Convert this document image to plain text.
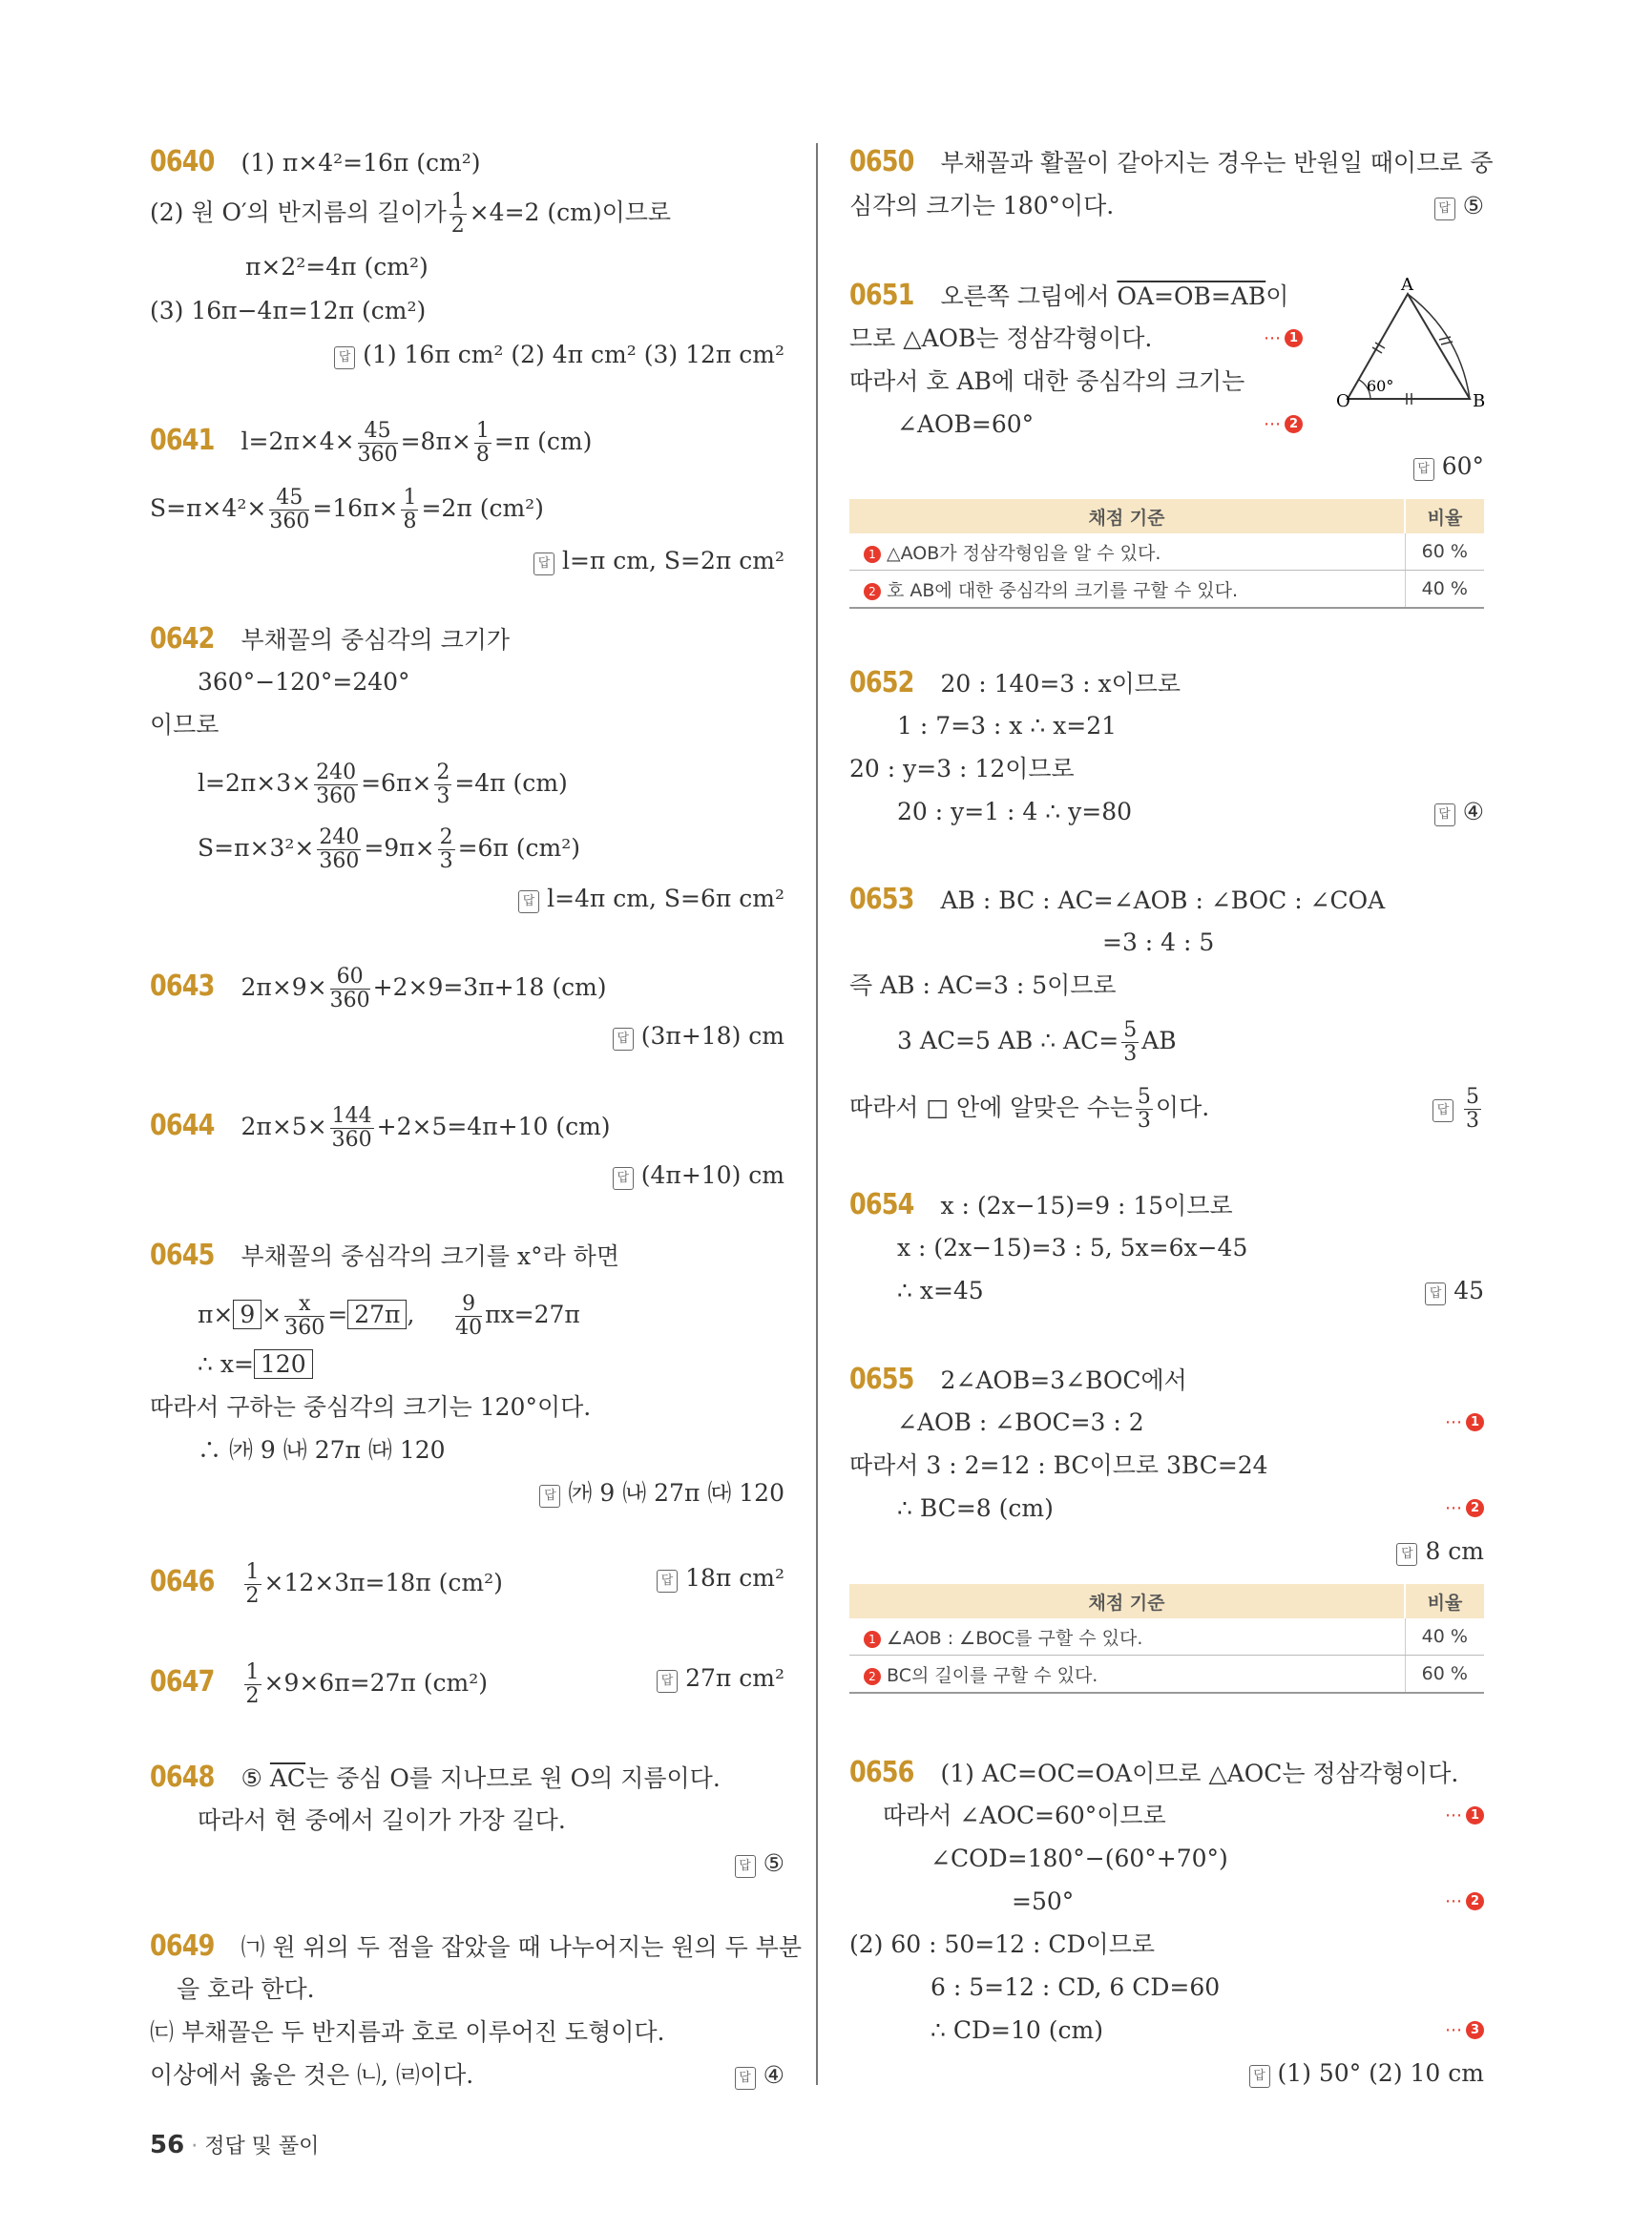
0640 (1) π×4²=16π (cm²)
(2) 원 O′의 반지름의 길이가 $\frac{1}{2} \times 4=2$ (cm)이므로
π×2²=4π (cm²)
(3) 16π−4π=12π (cm²)
답 (1) 16π cm² (2) 4π cm² (3) 12π cm²
0641 $l=2\pi\times 4\times \frac{45}{360} =8\pi\times \frac{1}{8} =\pi$ (cm)
$S=\pi\times 4^2\times \frac{45}{360} =16\pi\times \frac{1}{8} =2\pi$ (cm²)
답 l=π cm, S=2π cm²
0642 부채꼴의 중심각의 크기가
360°−120°=240°
이므로
$l=2\pi\times 3\times \frac{240}{360} =6\pi\times \frac{2}{3} =4\pi$ (cm)
$S=\pi\times 3^2\times \frac{240}{360} =9\pi\times \frac{2}{3} =6\pi$ (cm²)
답 l=4π cm, S=6π cm²
0643 $2\pi\times 9\times \frac{60}{360} +2\times 9=3\pi+18$ (cm)
답 (3π+18) cm
0644 $2\pi\times 5\times \frac{144}{360} +2\times 5=4\pi+10$ (cm)
답 (4π+10) cm
0645 부채꼴의 중심각의 크기를 x°라 하면
$\pi\times 9 \times \frac{x}{360} = 27\pi$ , $\frac{9}{40} \pi x=27\pi$
∴ x= 120
따라서 구하는 중심각의 크기는 120°이다.
∴ ㈎ 9 ㈏ 27π ㈐ 120
답 ㈎ 9 ㈏ 27π ㈐ 120
$0646 \frac{1}{2} \times 12\times 3\pi=18\pi$ (cm²)	답 18π cm²
$0647 \frac{1}{2} \times 9\times 6\pi=27\pi$ (cm²)	답 27π cm²
0648 ⑤ $\overline{AC}$는 중심 O를 지나므로 원 O의 지름이다.
따라서 현 중에서 길이가 가장 길다.
답 ⑤
0649 ㈀ 원 위의 두 점을 잡았을 때 나누어지는 원의 두 부분
을 호라 한다.
㈂ 부채꼴은 두 반지름과 호로 이루어진 도형이다.
이상에서 옳은 것은 ㈁, ㈃이다.	답 ④
0650 부채꼴과 활꼴이 같아지는 경우는 반원일 때이므로 중
심각의 크기는 180°이다.	답 ⑤
0651 오른쪽 그림에서 OA=OB=AB이
므로 △AOB는 정삼각형이다.	⋯ 1
따라서 호 AB에 대한 중심각의 크기는
∠AOB=60°	⋯ 2
답 60°
채점 기준	비율
1 △AOB가 정삼각형임을 알 수 있다.	60 %
2 호 AB에 대한 중심각의 크기를 구할 수 있다.	40 %
0652 20 : 140=3 : x이므로
1 : 7=3 : x ∴ x=21
20 : y=3 : 12이므로
20 : y=1 : 4 ∴ y=80	답 ④
0653 AB : BC : AC=∠AOB : ∠BOC : ∠COA
=3 : 4 : 5
즉 AB : AC=3 : 5이므로
3 AC=5 AB ∴ $AC= \frac{5}{3}$ AB
따라서 □ 안에 알맞은 수는 $\frac{5}{3}$ 이다. 답	$\frac{5}{3}$
0654 x : (2x−15)=9 : 15이므로
x : (2x−15)=3 : 5, 5x=6x−45
∴ x=45	답 45
0655 2∠AOB=3∠BOC에서
∠AOB : ∠BOC=3 : 2	⋯ 1
따라서 3 : 2=12 : BC이므로 3BC=24
∴ BC=8 (cm)	⋯ 2
답 8 cm
채점 기준	비율
1 ∠AOB : ∠BOC를 구할 수 있다.	40 %
2 BC의 길이를 구할 수 있다.	60 %
0656 (1) AC=OC=OA이므로 △AOC는 정삼각형이다.
따라서 ∠AOC=60°이므로	⋯ 1
∠COD=180°−(60°+70°)
=50°	⋯ 2
(2) 60 : 50=12 : CD이므로
6 : 5=12 : CD, 6 CD=60
∴ CD=10 (cm)	⋯ 3
답 (1) 50° (2) 10 cm
A
O	B
60°
56 · 정답 및 풀이
